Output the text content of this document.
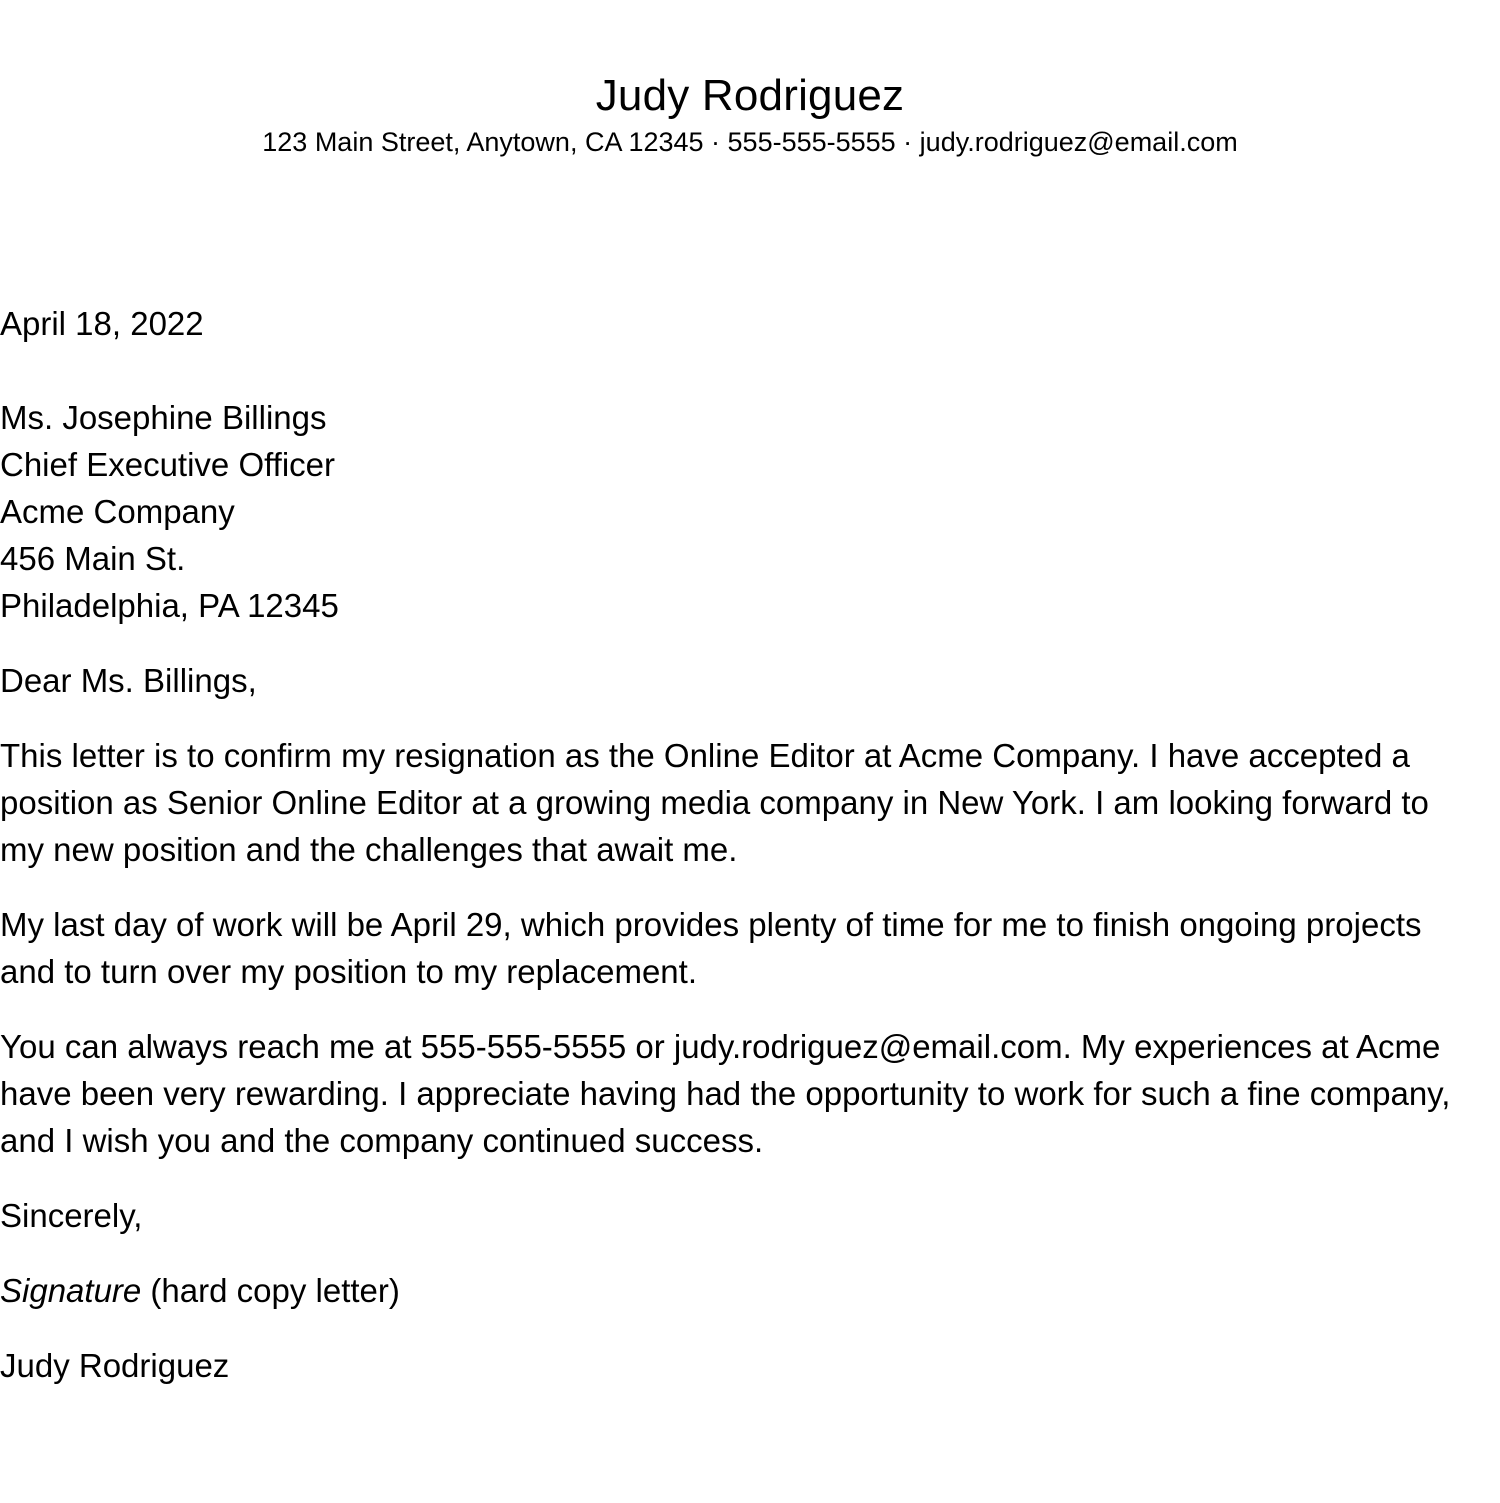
Judy Rodriguez
123 Main Street, Anytown, CA 12345 · 555-555-5555 · judy.rodriguez@email.com
April 18, 2022
Ms. Josephine Billings
Chief Executive Officer
Acme Company
456 Main St.
Philadelphia, PA 12345

Dear Ms. Billings,

This letter is to confirm my resignation as the Online Editor at Acme Company. I have accepted a position as Senior Online Editor at a growing media company in New York. I am looking forward to my new position and the challenges that await me.

My last day of work will be April 29, which provides plenty of time for me to finish ongoing projects and to turn over my position to my replacement.

You can always reach me at 555-555-5555 or judy.rodriguez@email.com. My experiences at Acme have been very rewarding. I appreciate having had the opportunity to work for such a fine company, and I wish you and the company continued success.

Sincerely,

Signature (hard copy letter)

Judy Rodriguez
